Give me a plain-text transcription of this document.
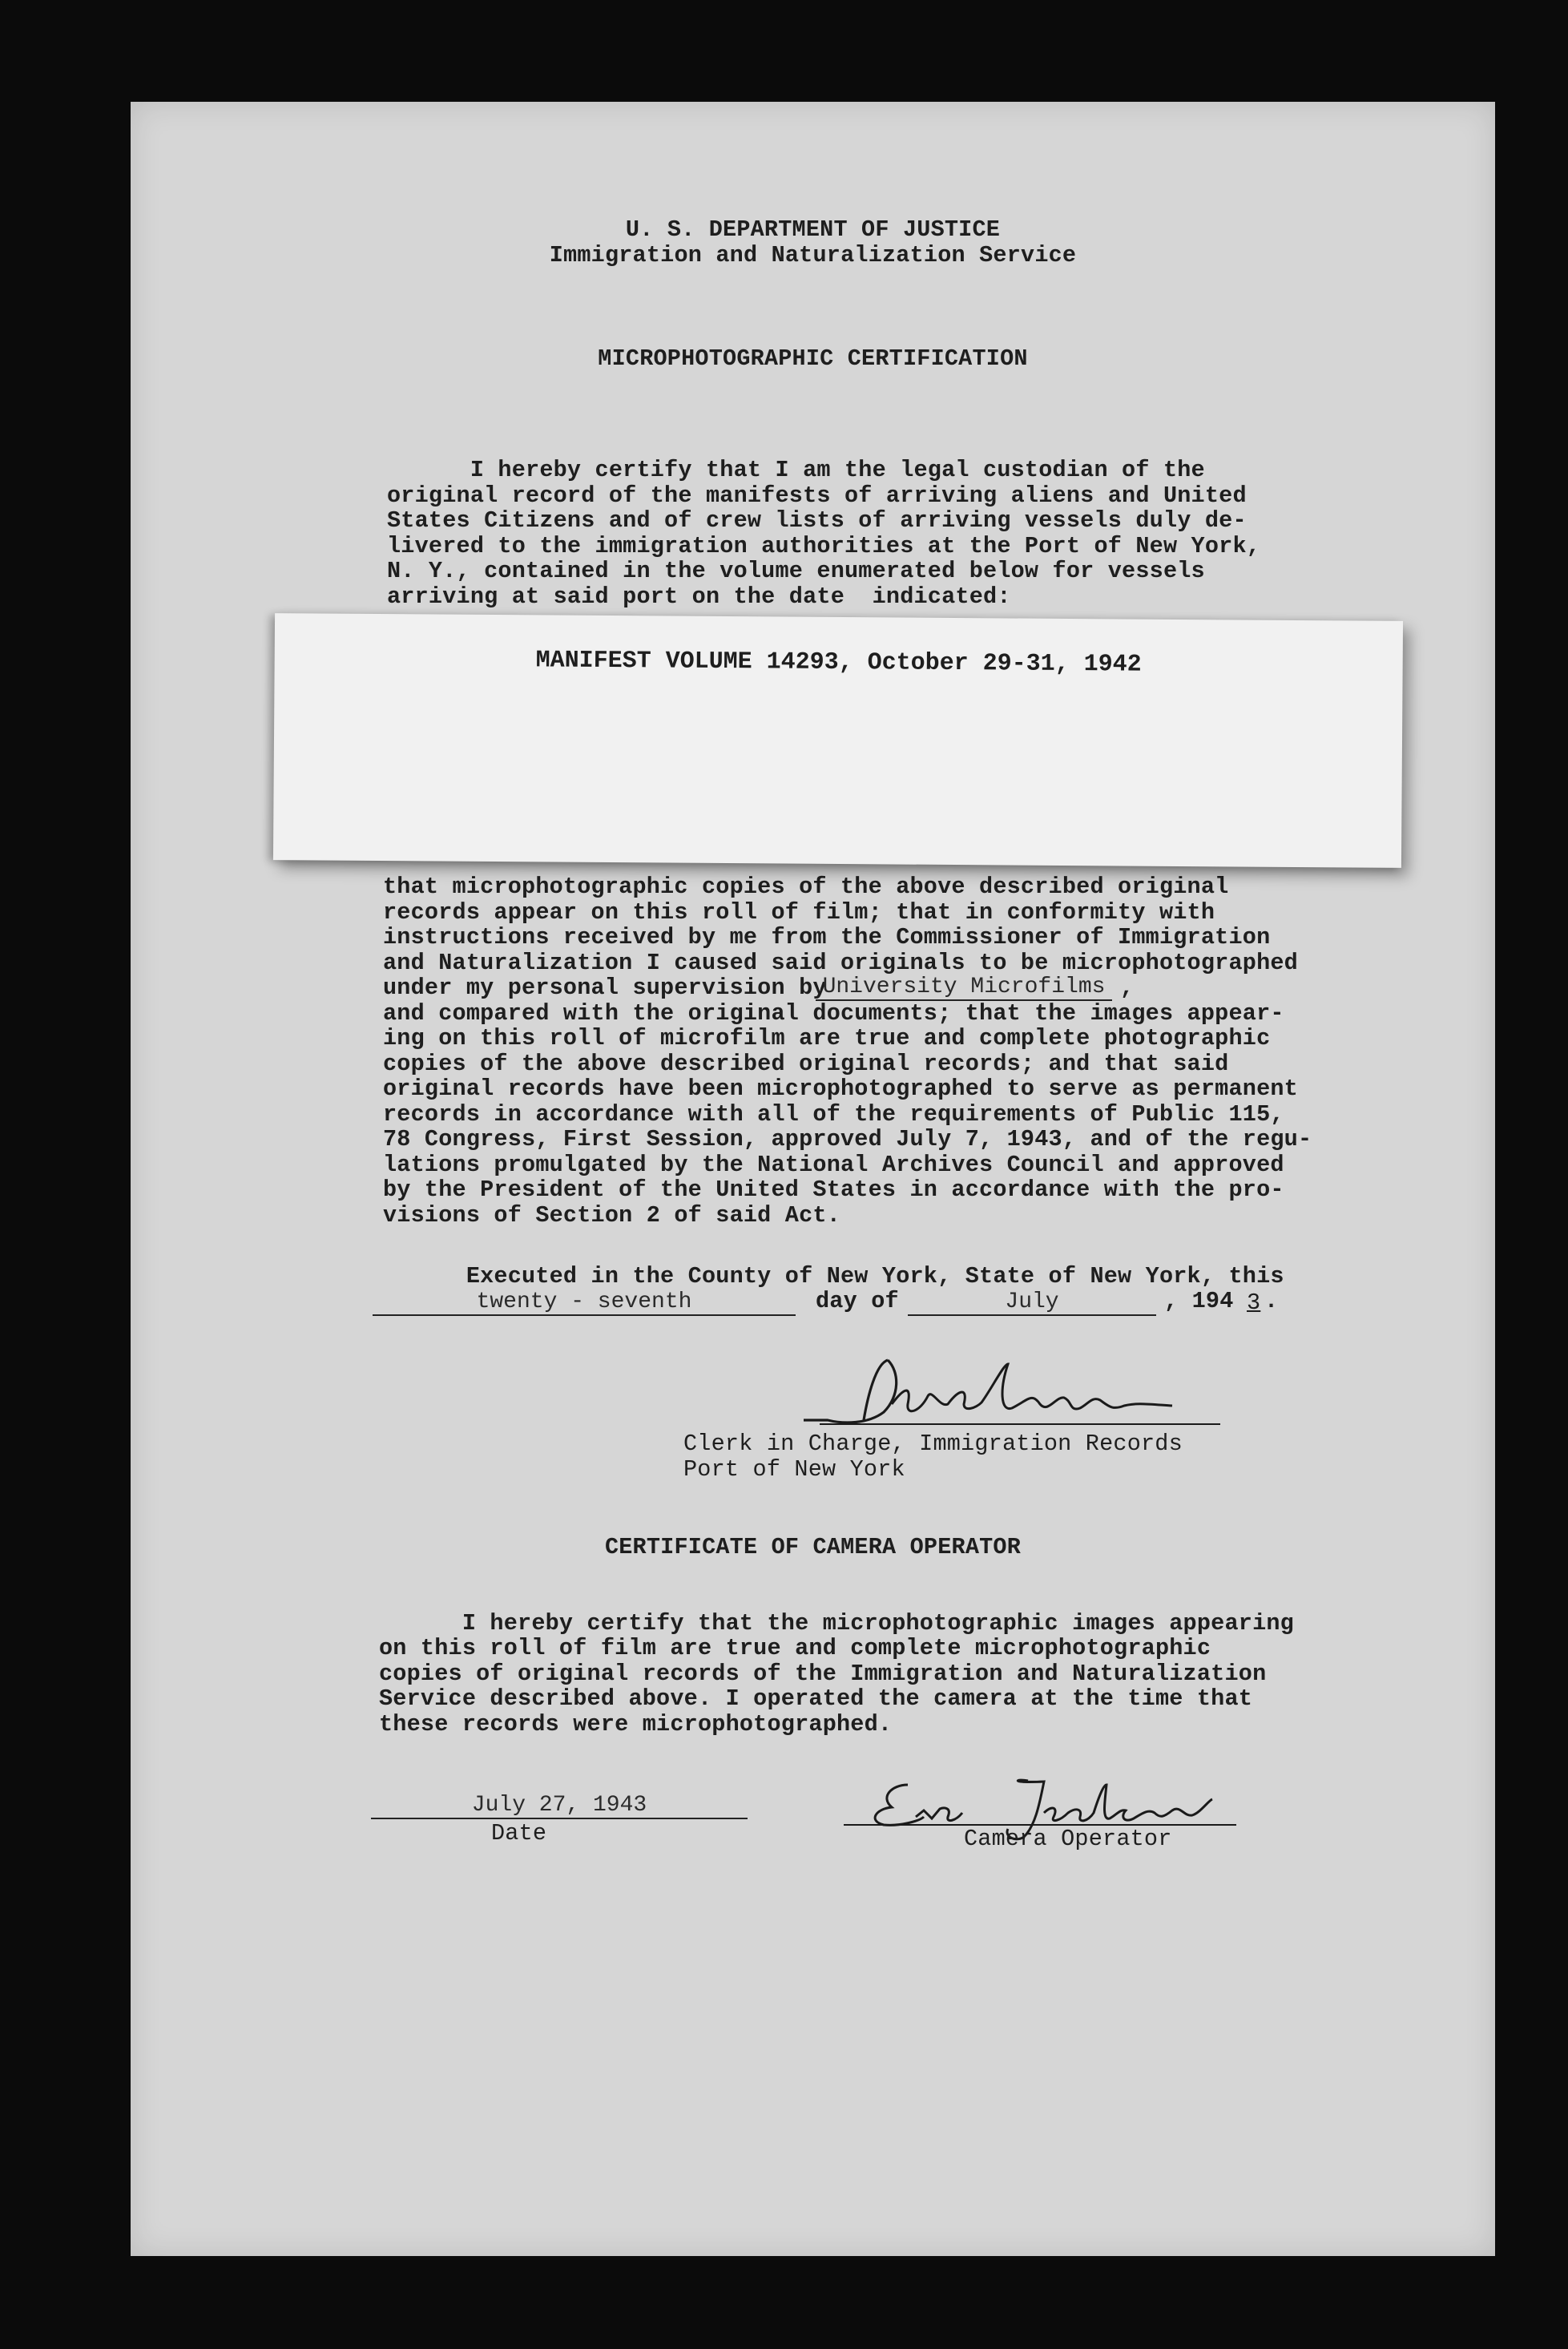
U. S. DEPARTMENT OF JUSTICE

Immigration and Naturalization Service

MICROPHOTOGRAPHIC CERTIFICATION

I hereby certify that I am the legal custodian of the

original record of the manifests of arriving aliens and United

States Citizens and of crew lists of arriving vessels duly de-

livered to the immigration authorities at the Port of New York,

N. Y., contained in the volume enumerated below for vessels

arriving at said port on the date  indicated:

that microphotographic copies of the above described original

records appear on this roll of film; that in conformity with

instructions received by me from the Commissioner of Immigration

and Naturalization I caused said originals to be microphotographed

under my personal supervision by

University Microfilms ,

and compared with the original documents; that the images appear-

ing on this roll of microfilm are true and complete photographic

copies of the above described original records; and that said

original records have been microphotographed to serve as permanent

records in accordance with all of the requirements of Public 115,

78 Congress, First Session, approved July 7, 1943, and of the regu-

lations promulgated by the National Archives Council and approved

by the President of the United States in accordance with the pro-

visions of Section 2 of said Act.

Executed in the County of New York, State of New York, this

twenty - seventh	day of	July	, 194 3 .

Clerk in Charge, Immigration Records

Port of New York

CERTIFICATE OF CAMERA OPERATOR

I hereby certify that the microphotographic images appearing

on this roll of film are true and complete microphotographic

copies of original records of the Immigration and Naturalization

Service described above. I operated the camera at the time that

these records were microphotographed.

July 27, 1943

Date	Camera Operator

MANIFEST VOLUME 14293, October 29-31, 1942
